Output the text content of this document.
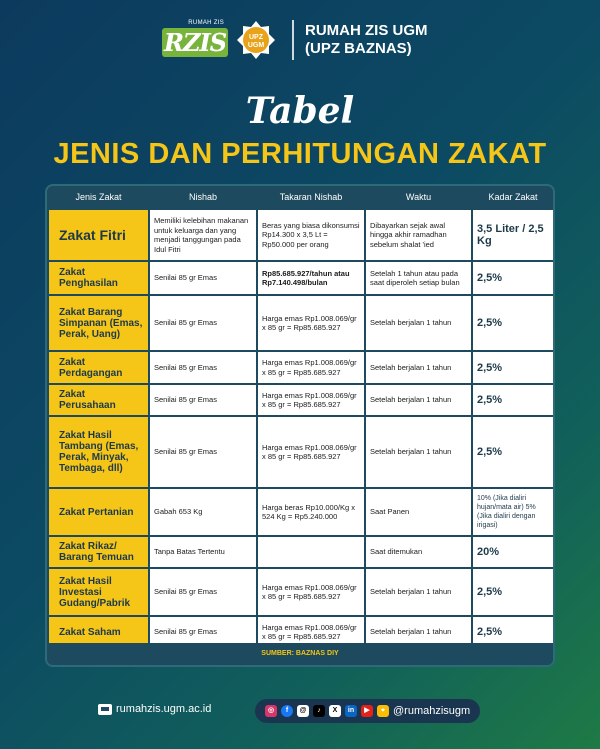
RUMAH ZIS
RZIS	UPZ
UGM
RUMAH ZIS UGM
(UPZ BAZNAS)
Tabel
JENIS DAN PERHITUNGAN ZAKAT
Jenis Zakat	Nishab	Takaran Nishab	Waktu	Kadar Zakat
Zakat Fitri	Memiliki kelebihan makanan untuk keluarga dan yang menjadi tanggungan pada Idul Fitri	Beras yang biasa dikonsumsi Rp14.300 x 3,5 Lt = Rp50.000 per orang	Dibayarkan sejak awal hingga akhir ramadhan sebelum shalat 'ied	3,5 Liter / 2,5 Kg
Zakat Penghasilan	Senilai 85 gr Emas	Rp85.685.927/tahun atau Rp7.140.498/bulan	Setelah 1 tahun atau pada saat diperoleh setiap bulan	2,5%
Zakat Barang Simpanan (Emas, Perak, Uang)	Senilai 85 gr Emas	Harga emas Rp1.008.069/gr x 85 gr = Rp85.685.927	Setelah berjalan 1 tahun	2,5%
Zakat Perdagangan	Senilai 85 gr Emas	Harga emas Rp1.008.069/gr x 85 gr = Rp85.685.927	Setelah berjalan 1 tahun	2,5%
Zakat Perusahaan	Senilai 85 gr Emas	Harga emas Rp1.008.069/gr x 85 gr = Rp85.685.927	Setelah berjalan 1 tahun	2,5%
Zakat Hasil Tambang (Emas, Perak, Minyak, Tembaga, dll)	Senilai 85 gr Emas	Harga emas Rp1.008.069/gr x 85 gr = Rp85.685.927	Setelah berjalan 1 tahun	2,5%
Zakat Pertanian	Gabah 653 Kg	Harga beras Rp10.000/Kg x 524 Kg = Rp5.240.000	Saat Panen	10% (Jika dialiri hujan/mata air) 5% (Jika dialiri dengan irigasi)
Zakat Rikaz/ Barang Temuan	Tanpa Batas Tertentu		Saat ditemukan	20%
Zakat Hasil Investasi Gudang/Pabrik	Senilai 85 gr Emas	Harga emas Rp1.008.069/gr x 85 gr = Rp85.685.927	Setelah berjalan 1 tahun	2,5%
Zakat Saham	Senilai 85 gr Emas	Harga emas Rp1.008.069/gr x 85 gr = Rp85.685.927	Setelah berjalan 1 tahun	2,5%
SUMBER: BAZNAS DIY
rumahzis.ugm.ac.id	◎	f	@	♪	X	in	▶	⌖ @rumahzisugm
